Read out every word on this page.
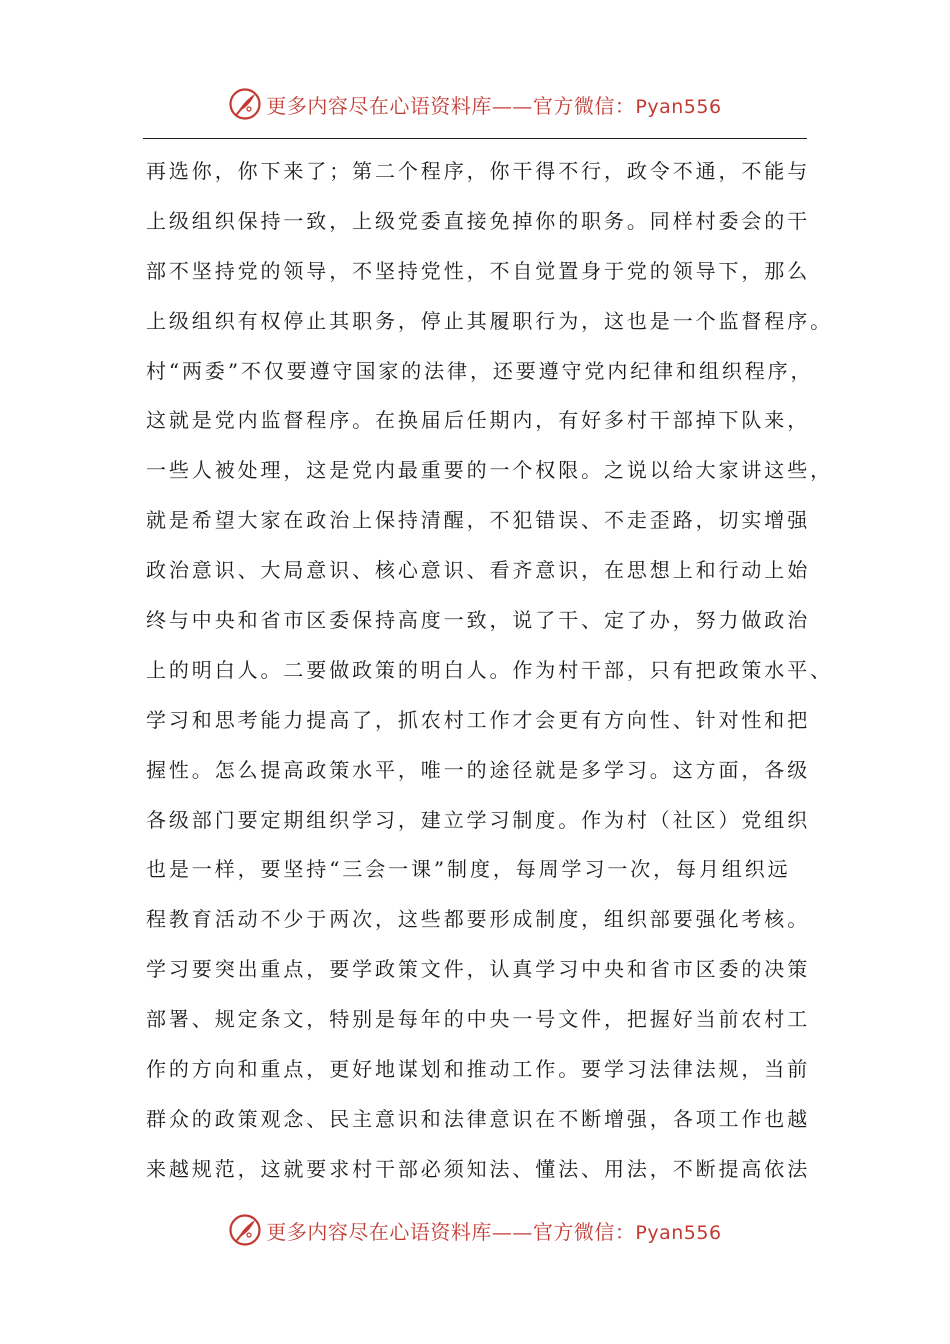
更多内容尽在心语资料库——官方微信：Pyan556
再选你，你下来了；第二个程序，你干得不行，政令不通，不能与
上级组织保持一致，上级党委直接免掉你的职务。同样村委会的干
部不坚持党的领导，不坚持党性，不自觉置身于党的领导下，那么
上级组织有权停止其职务，停止其履职行为，这也是一个监督程序。
村“两委”不仅要遵守国家的法律，还要遵守党内纪律和组织程序，
这就是党内监督程序。在换届后任期内，有好多村干部掉下队来，
一些人被处理，这是党内最重要的一个权限。之说以给大家讲这些，
就是希望大家在政治上保持清醒，不犯错误、不走歪路，切实增强
政治意识、大局意识、核心意识、看齐意识，在思想上和行动上始
终与中央和省市区委保持高度一致，说了干、定了办，努力做政治
上的明白人。二要做政策的明白人。作为村干部，只有把政策水平、
学习和思考能力提高了，抓农村工作才会更有方向性、针对性和把
握性。怎么提高政策水平，唯一的途径就是多学习。这方面，各级
各级部门要定期组织学习，建立学习制度。作为村（社区）党组织
也是一样，要坚持“三会一课”制度，每周学习一次，每月组织远
程教育活动不少于两次，这些都要形成制度，组织部要强化考核。
学习要突出重点，要学政策文件，认真学习中央和省市区委的决策
部署、规定条文，特别是每年的中央一号文件，把握好当前农村工
作的方向和重点，更好地谋划和推动工作。要学习法律法规，当前
群众的政策观念、民主意识和法律意识在不断增强，各项工作也越
来越规范，这就要求村干部必须知法、懂法、用法，不断提高依法
更多内容尽在心语资料库——官方微信：Pyan556
